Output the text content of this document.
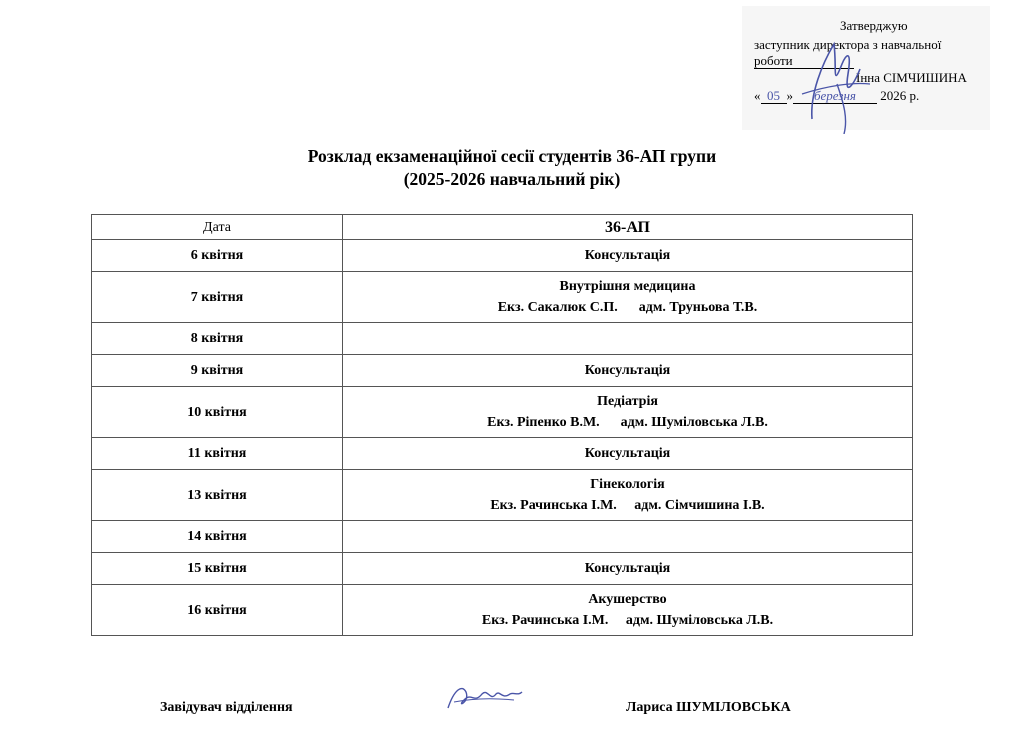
Затверджую
заступник директора з навчальної
роботи
Інна СІМЧИШИНА
« 05 » березня 2026 р.
Розклад екзаменаційної сесії студентів 36-АП групи
(2025-2026 навчальний рік)
Дата	36-АП
6 квітня	Консультація

7 квітня	Внутрішня медицина
Екз. Сакалюк С.П.      адм. Труньова Т.В.

8 квітня	

9 квітня	Консультація

10 квітня	Педіатрія
Екз. Ріпенко В.М.      адм. Шуміловська Л.В.

11 квітня	Консультація

13 квітня	Гінекологія
Екз. Рачинська І.М.     адм. Сімчишина І.В.

14 квітня	

15 квітня	Консультація

16 квітня	Акушерство
Екз. Рачинська І.М.     адм. Шуміловська Л.В.
Завідувач відділення	Лариса ШУМІЛОВСЬКА
